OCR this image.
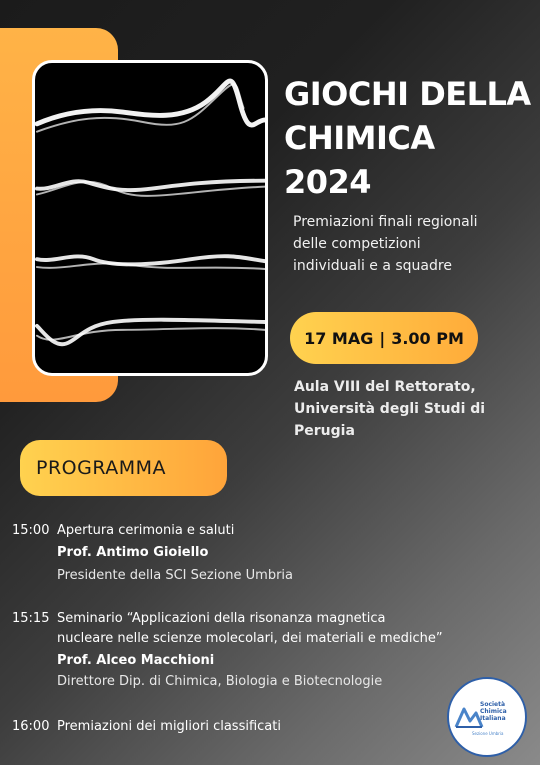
GIOCHI DELLA
CHIMICA
2024
Premiazioni finali regionali
delle competizioni
individuali e a squadre
17 MAG | 3.00 PM
Aula VIII del Rettorato,
Università degli Studi di
Perugia
PROGRAMMA
15:00 Apertura cerimonia e saluti
Prof. Antimo Gioiello
Presidente della SCI Sezione Umbria
15:15 Seminario “Applicazioni della risonanza magnetica
nucleare nelle scienze molecolari, dei materiali e mediche”
Prof. Alceo Macchioni
Direttore Dip. di Chimica, Biologia e Biotecnologie
16:00 Premiazioni dei migliori classificati
Società
Chimica
Italiana
Sezione Umbria
